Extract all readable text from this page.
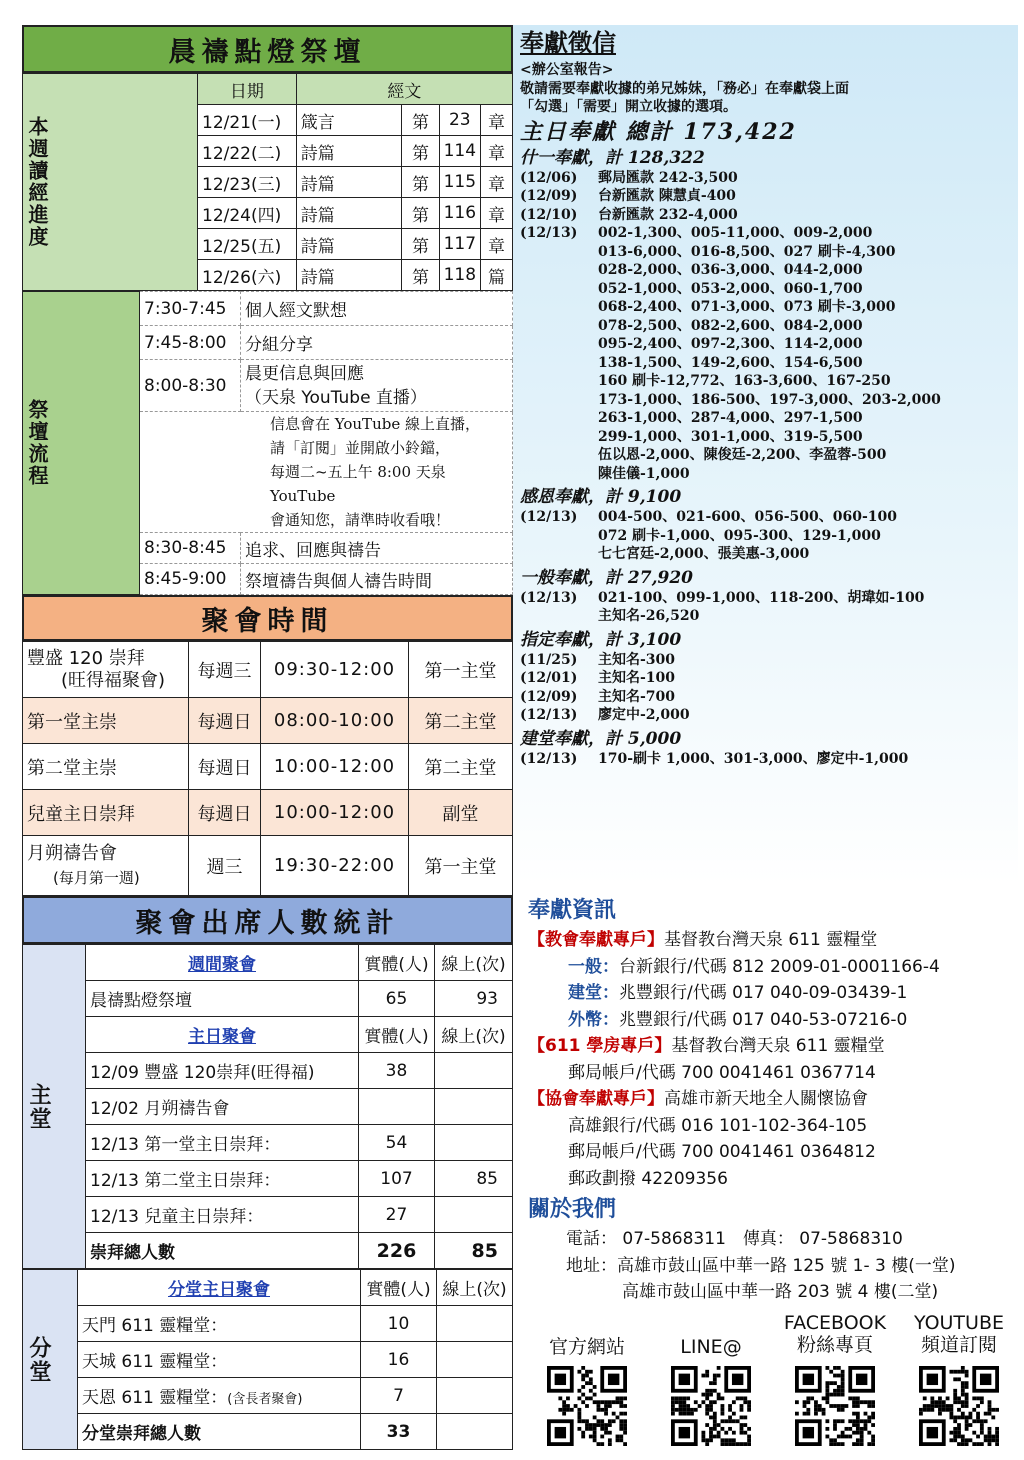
晨禱點燈祭壇
本週讀經進度	日期	經文			
	12/21(一)	箴言	第	23	章
	12/22(二)	詩篇	第	114	章
	12/23(三)	詩篇	第	115	章
	12/24(四)	詩篇	第	116	章
	12/25(五)	詩篇	第	117	章
	12/26(六)	詩篇	第	118	篇
祭壇流程	7:30-7:45	個人經文默想
	7:45-8:00	分組分享
	8:00-8:30	晨更信息與回應
（天泉 YouTube 直播）

	信息會在 YouTube 線上直播，
請「訂閱」並開啟小鈴鐺，
每週二~五上午 8:00 天泉 YouTube
會通知您，請準時收看哦！	

	8:30-8:45	追求、回應與禱告
	8:45-9:00	祭壇禱告與個人禱告時間
聚會時間
豐盛 120 崇拜
(旺得福聚會)	每週三	09:30-12:00	第一主堂
第一堂主崇	每週日	08:00-10:00	第二主堂
第二堂主崇	每週日	10:00-12:00	第二主堂
兒童主日崇拜	每週日	10:00-12:00	副堂

月朔禱告會
(每月第一週)	週三	19:30-22:00	第一主堂
聚會出席人數統計
主堂	週間聚會	實體(人)	線上(次)
	晨禱點燈祭壇	65	93
	主日聚會	實體(人)	線上(次)
	12/09 豐盛 120崇拜(旺得福)	38	
	12/02 月朔禱告會		
	12/13 第一堂主日崇拜：	54	
	12/13 第二堂主日崇拜：	107	85
	12/13 兒童主日崇拜：	27	
	崇拜總人數	226	85
分堂	分堂主日聚會	實體(人)	線上(次)
	天門 611 靈糧堂：	10	
	天城 611 靈糧堂：	16	
	天恩 611 靈糧堂：(含長者聚會)	7	
	分堂崇拜總人數	33	
奉獻徵信
<辦公室報告>
敬請需要奉獻收據的弟兄姊妹，「務必」在奉獻袋上面
「勾選」「需要」開立收據的選項。
主日奉獻 總計 173,422
什一奉獻，計 128,322
(12/06)	郵局匯款 242-3,500
(12/09)	台新匯款 陳慧貞-400
(12/10)	台新匯款 232-4,000
(12/13)	002-1,300、005-11,000、009-2,000
013-6,000、016-8,500、027 刷卡-4,300
028-2,000、036-3,000、044-2,000
052-1,000、053-2,000、060-1,700
068-2,400、071-3,000、073 刷卡-3,000
078-2,500、082-2,600、084-2,000
095-2,400、097-2,300、114-2,000
138-1,500、149-2,600、154-6,500
160 刷卡-12,772、163-3,600、167-250
173-1,000、186-500、197-3,000、203-2,000
263-1,000、287-4,000、297-1,500
299-1,000、301-1,000、319-5,500
伍以恩-2,000、陳俊廷-2,200、李盈蓉-500
陳佳儀-1,000
感恩奉獻，計 9,100
(12/13)	004-500、021-600、056-500、060-100
072 刷卡-1,000、095-300、129-1,000
七七宮廷-2,000、張美惠-3,000
一般奉獻，計 27,920
(12/13)	021-100、099-1,000、118-200、胡瑋如-100
主知名-26,520
指定奉獻，計 3,100
(11/25)	主知名-300
(12/01)	主知名-100
(12/09)	主知名-700
(12/13)	廖定中-2,000
建堂奉獻，計 5,000
(12/13)	170-刷卡 1,000、301-3,000、廖定中-1,000
奉獻資訊
【教會奉獻專戶】基督教台灣天泉 611 靈糧堂
一般：台新銀行/代碼 812 2009-01-0001166-4
建堂：兆豐銀行/代碼 017 040-09-03439-1
外幣：兆豐銀行/代碼 017 040-53-07216-0
【611 學房專戶】基督教台灣天泉 611 靈糧堂
郵局帳戶/代碼 700 0041461 0367714
【協會奉獻專戶】高雄市新天地全人關懷協會
高雄銀行/代碼 016 101-102-364-105
郵局帳戶/代碼 700 0041461 0364812
郵政劃撥 42209356
關於我們
電話： 07-5868311　傳真： 07-5868310
地址：高雄市鼓山區中華一路 125 號 1- 3 樓(一堂)
高雄市鼓山區中華一路 203 號 4 樓(二堂)
官方網站	LINE@
FACEBOOK
粉絲專頁
YOUTUBE
頻道訂閱
